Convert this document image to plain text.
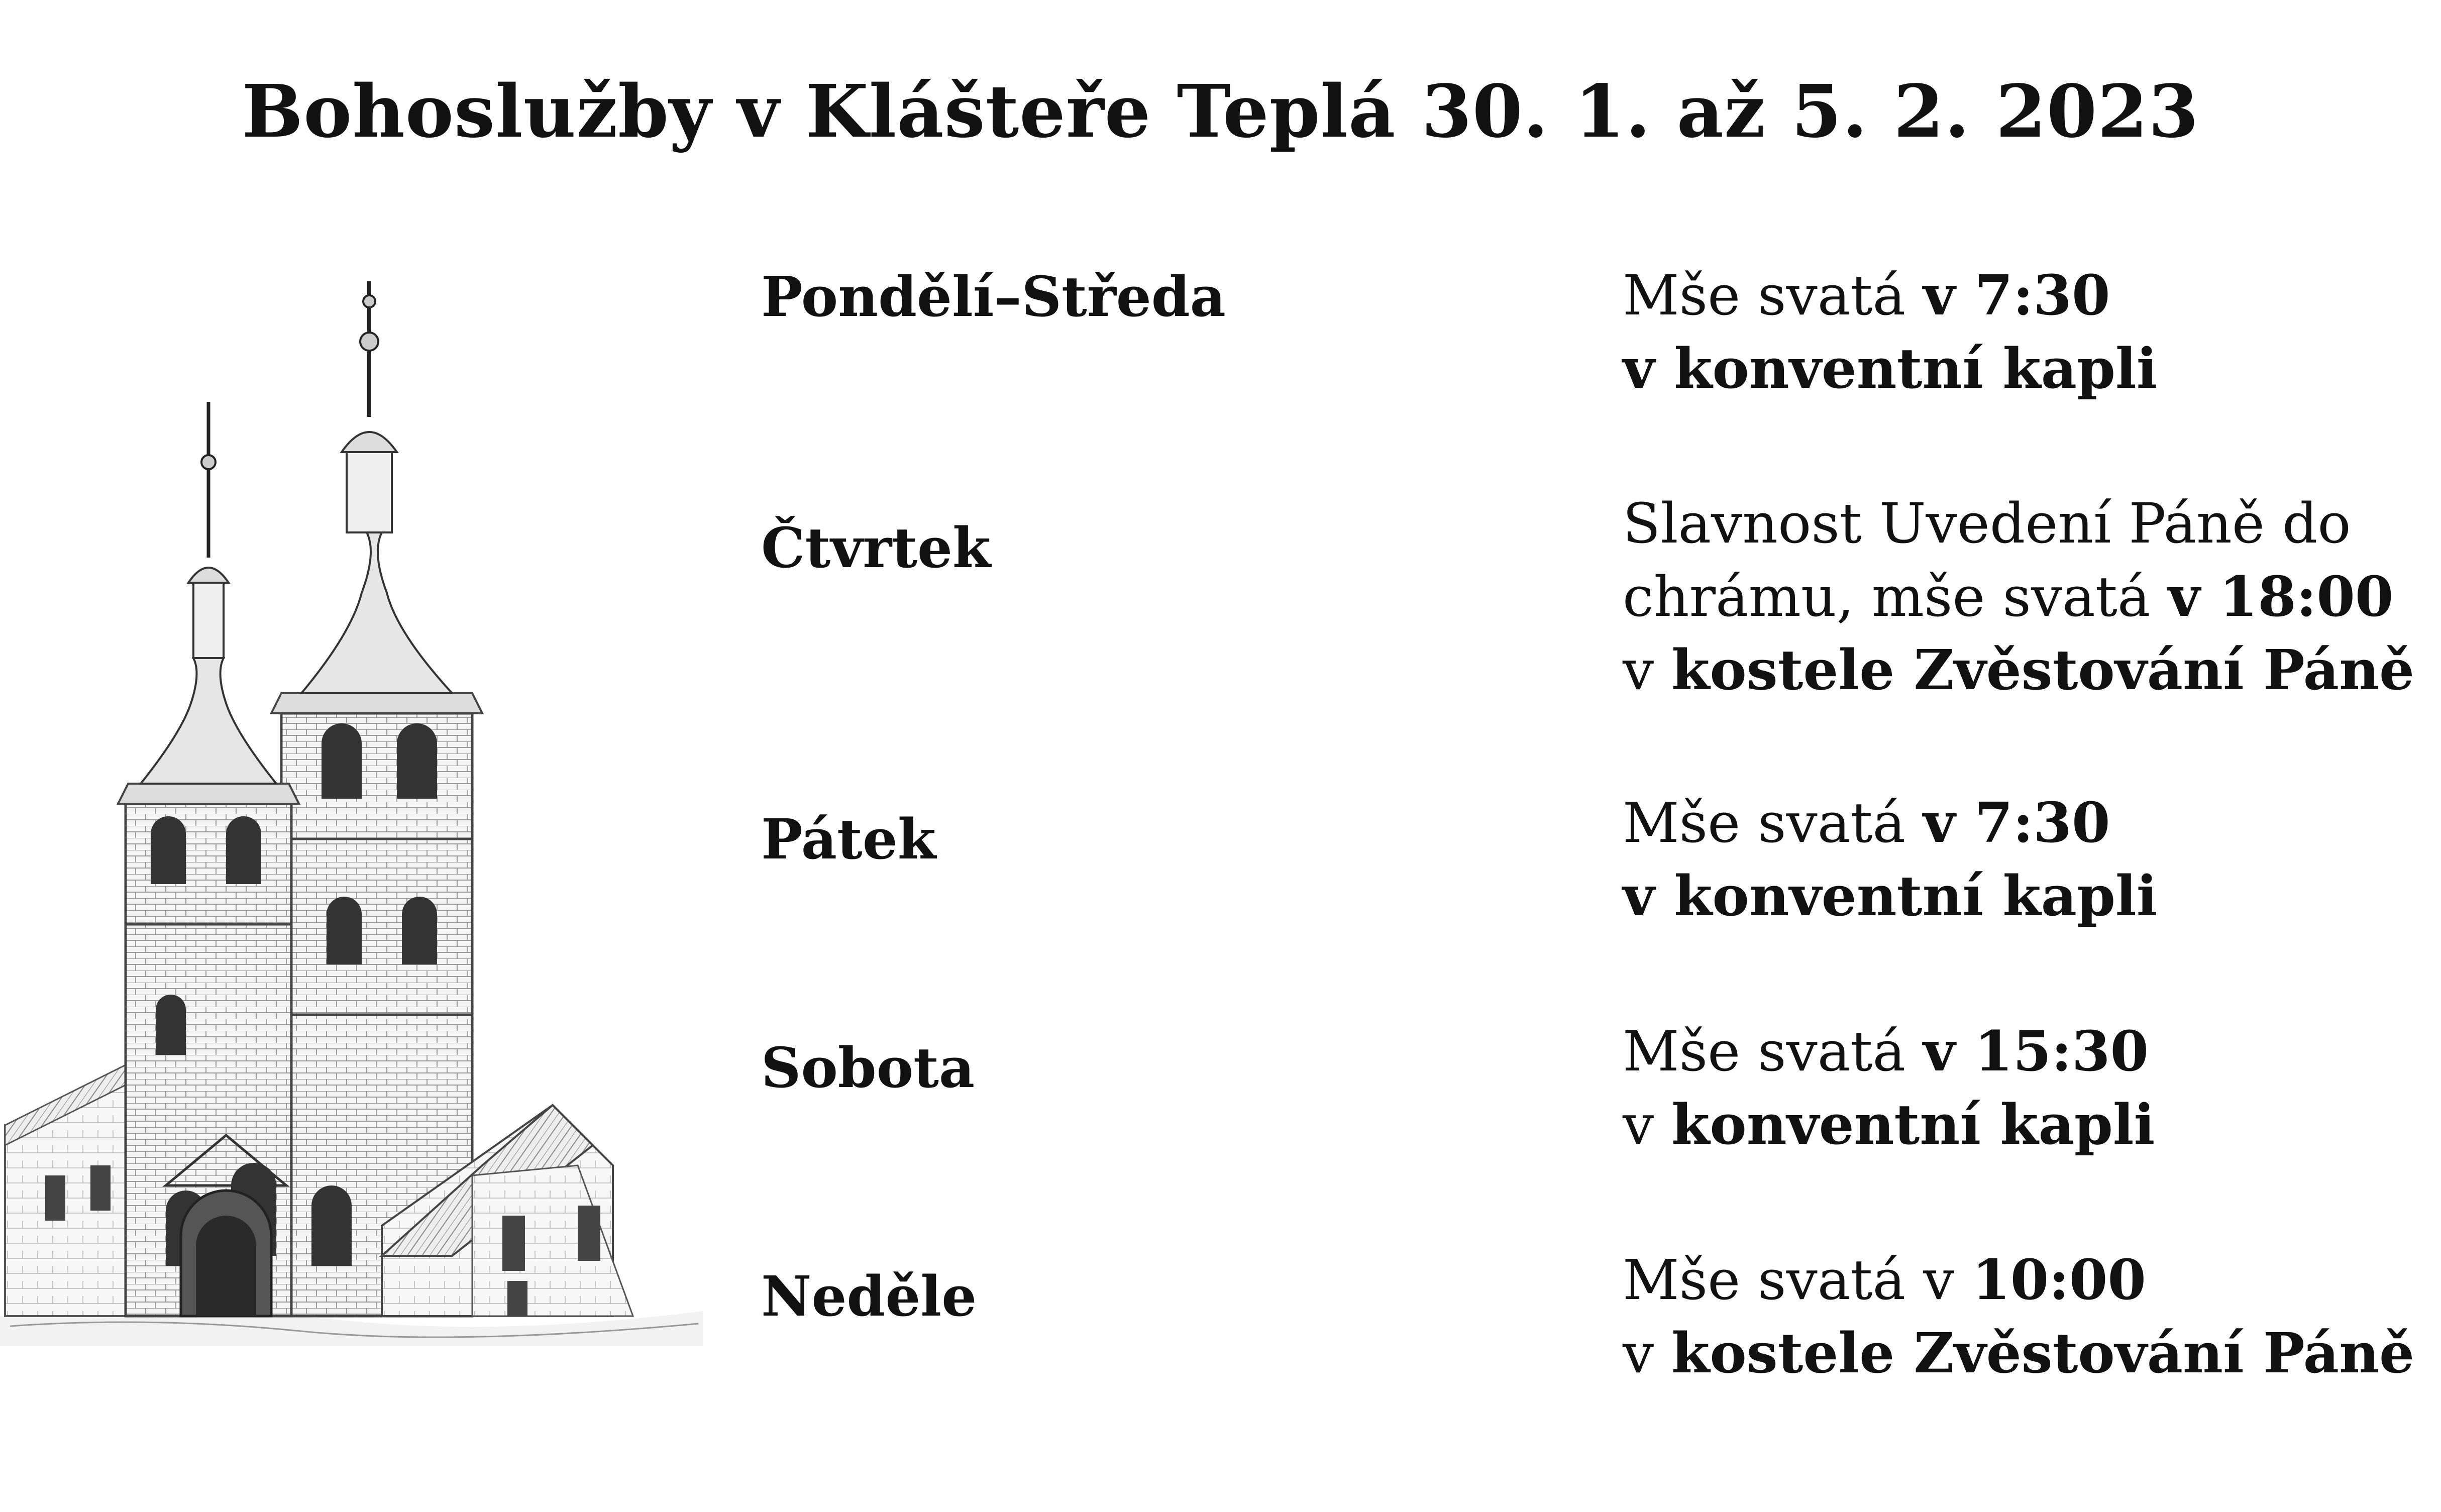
Bohoslužby v Klášteře Teplá 30. 1. až 5. 2. 2023
Pondělí–Středa	Mše svatá v 7:30
v konventní kapli
Čtvrtek	Slavnost Uvedení Páně do
chrámu, mše svatá v 18:00
v kostele Zvěstování Páně
Pátek	Mše svatá v 7:30
v konventní kapli
Sobota	Mše svatá v 15:30
v konventní kapli
Neděle	Mše svatá v 10:00
v kostele Zvěstování Páně
